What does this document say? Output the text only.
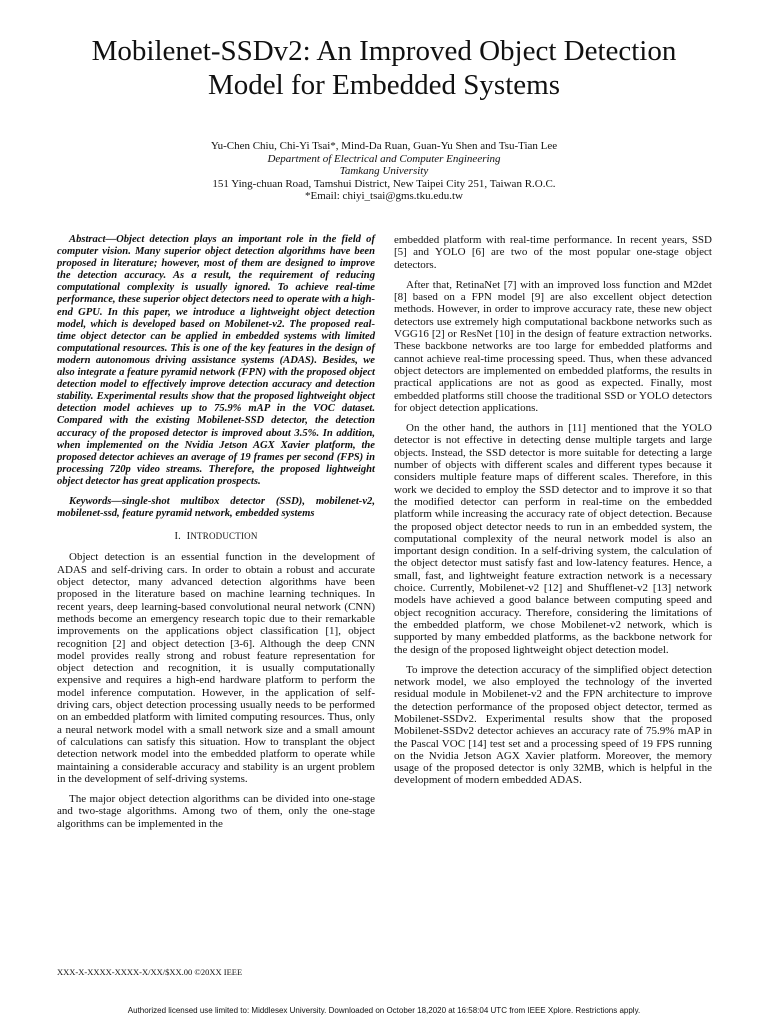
Mobilenet-SSDv2: An Improved Object Detection
Model for Embedded Systems
Yu-Chen Chiu, Chi-Yi Tsai*, Mind-Da Ruan, Guan-Yu Shen and Tsu-Tian Lee
Department of Electrical and Computer Engineering
Tamkang University
151 Ying-chuan Road, Tamshui District, New Taipei City 251, Taiwan R.O.C.
*Email: chiyi_tsai@gms.tku.edu.tw

Abstract—Object detection plays an important role in the field of computer vision. Many superior object detection algorithms have been proposed in literature; however, most of them are designed to improve the detection accuracy. As a result, the requirement of reducing computational complexity is usually ignored. To achieve real-time performance, these superior object detectors need to operate with a high-end GPU. In this paper, we introduce a lightweight object detection model, which is developed based on Mobilenet-v2. The proposed real-time object detector can be applied in embedded systems with limited computational resources. This is one of the key features in the design of modern autonomous driving assistance systems (ADAS). Besides, we also integrate a feature pyramid network (FPN) with the proposed object detection model to effectively improve detection accuracy and detection stability. Experimental results show that the proposed lightweight object detection model achieves up to 75.9% mAP in the VOC dataset. Compared with the existing Mobilenet-SSD detector, the detection accuracy of the proposed detector is improved about 3.5%. In addition, when implemented on the Nvidia Jetson AGX Xavier platform, the proposed detector achieves an average of 19 frames per second (FPS) in processing 720p video streams. Therefore, the proposed lightweight object detector has great application prospects.

Keywords—single-shot multibox detector (SSD), mobilenet-v2, mobilenet-ssd, feature pyramid network, embedded systems

I. INTRODUCTION

Object detection is an essential function in the development of ADAS and self-driving cars. In order to obtain a robust and accurate object detector, many advanced detection algorithms have been proposed in the literature based on machine learning techniques. In recent years, deep learning-based convolutional neural network (CNN) methods become an emergency research topic due to their remarkable improvements on the applications object classification [1], object recognition [2] and object detection [3-6]. Although the deep CNN model provides really strong and robust feature representation for object detection and recognition, it is usually computationally expensive and requires a high-end hardware platform to perform the model inference computation. However, in the application of self-driving cars, object detection processing usually needs to be performed on an embedded platform with limited computing resources. Thus, only a neural network model with a small network size and a small amount of calculations can satisfy this situation. How to transplant the object detection network model into the embedded platform to operate while maintaining a considerable accuracy and stability is an urgent problem in the development of self-driving systems.

The major object detection algorithms can be divided into one-stage and two-stage algorithms. Among two of them, only the one-stage algorithms can be implemented in the

embedded platform with real-time performance. In recent years, SSD [5] and YOLO [6] are two of the most popular one-stage object detectors.

After that, RetinaNet [7] with an improved loss function and M2det [8] based on a FPN model [9] are also excellent object detection methods. However, in order to improve accuracy rate, these new object detectors use extremely high computational backbone networks such as VGG16 [2] or ResNet [10] in the design of feature extraction networks. These backbone networks are too large for embedded platforms and cannot achieve real-time processing speed. Thus, when these advanced object detectors are implemented on embedded platforms, the results in practical applications are not as good as expected. Finally, most embedded platforms still choose the traditional SSD or YOLO detectors for object detection applications.

On the other hand, the authors in [11] mentioned that the YOLO detector is not effective in detecting dense multiple targets and large objects. Instead, the SSD detector is more suitable for detecting a large number of objects with different scales and different types because it considers multiple feature maps of different scales. Therefore, in this work we decided to employ the SSD detector and to improve it so that the modified detector can perform in real-time on the embedded platform while increasing the accuracy rate of object detection. Because the proposed object detector needs to run in an embedded system, the computational complexity of the neural network model is also an important design condition. In a self-driving system, the calculation of the object detector must satisfy fast and low-latency features. Hence, a small, fast, and lightweight feature extraction network is a necessary choice. Currently, Mobilenet-v2 [12] and Shufflenet-v2 [13] network models have achieved a good balance between computing speed and object recognition accuracy. Therefore, considering the limitations of the embedded platform, we chose Mobilenet-v2 network, which is supported by many embedded platforms, as the backbone network for the design of the proposed lightweight object detection model.

To improve the detection accuracy of the simplified object detection network model, we also employed the technology of the inverted residual module in Mobilenet-v2 and the FPN architecture to improve the detection performance of the proposed object detector, termed as Mobilenet-SSDv2. Experimental results show that the proposed Mobilenet-SSDv2 detector achieves an accuracy rate of 75.9% mAP in the Pascal VOC [14] test set and a processing speed of 19 FPS running on the Nvidia Jetson AGX Xavier platform. Moreover, the memory usage of the proposed detector is only 32MB, which is helpful in the development of modern embedded ADAS.

XXX-X-XXXX-XXXX-X/XX/$XX.00 ©20XX IEEE
Authorized licensed use limited to: Middlesex University. Downloaded on October 18,2020 at 16:58:04 UTC from IEEE Xplore. Restrictions apply.
